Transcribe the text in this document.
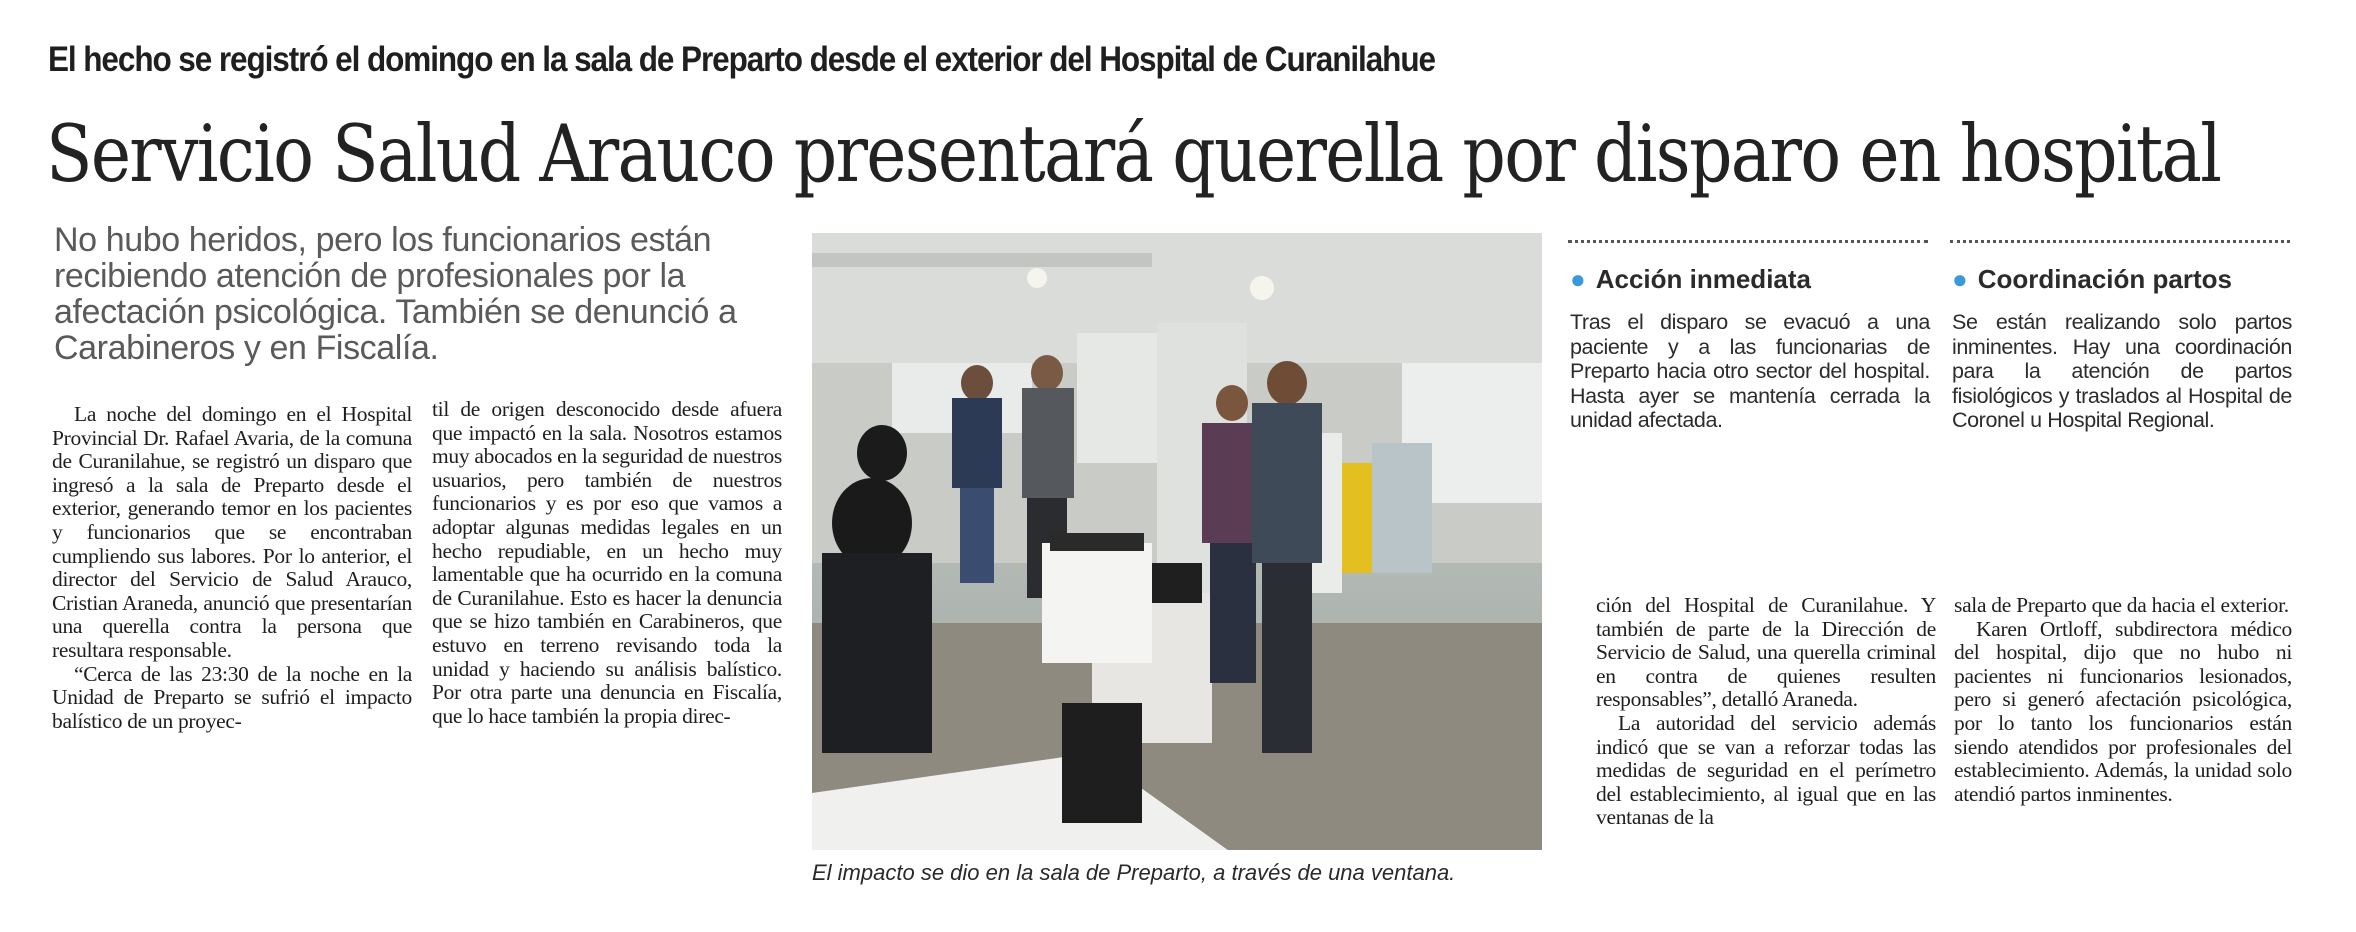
El hecho se registró el domingo en la sala de Preparto desde el exterior del Hospital de Curanilahue
Servicio Salud Arauco presentará querella por disparo en hospital
No hubo heridos, pero los funcionarios están recibiendo atención de profesionales por la afectación psicológica. También se denunció a Carabineros y en Fiscalía.

La noche del domingo en el Hospital Provincial Dr. Rafael Avaria, de la comuna de Curanilahue, se registró un disparo que ingresó a la sala de Preparto desde el exterior, generando temor en los pacientes y funcionarios que se encontraban cumpliendo sus labores. Por lo anterior, el director del Servicio de Salud Arauco, Cristian Araneda, anunció que presentarían una querella contra la persona que resultara responsable.

“Cerca de las 23:30 de la noche en la Unidad de Preparto se sufrió el impacto balístico de un proyec-

til de origen desconocido desde afuera que impactó en la sala. Nosotros estamos muy abocados en la seguridad de nuestros usuarios, pero también de nuestros funcionarios y es por eso que vamos a adoptar algunas medidas legales en un hecho repudiable, en un hecho muy lamentable que ha ocurrido en la comuna de Curanilahue. Esto es hacer la denuncia que se hizo también en Carabineros, que estuvo en terreno revisando toda la unidad y haciendo su análisis balístico. Por otra parte una denuncia en Fiscalía, que lo hace también la propia direc-

El impacto se dio en la sala de Preparto, a través de una ventana.
● Acción inmediata
Tras el disparo se evacuó a una paciente y a las funcionarias de Preparto hacia otro sector del hospital. Hasta ayer se mantenía cerrada la unidad afectada.
● Coordinación partos
Se están realizando solo partos inminentes. Hay una coordinación para la atención de partos fisiológicos y traslados al Hospital de Coronel u Hospital Regional.

ción del Hospital de Curanilahue. Y también de parte de la Dirección de Servicio de Salud, una querella criminal en contra de quienes resulten responsables”, detalló Araneda.

La autoridad del servicio además indicó que se van a reforzar todas las medidas de seguridad en el perímetro del establecimiento, al igual que en las ventanas de la

sala de Preparto que da hacia el exterior.

Karen Ortloff, subdirectora médico del hospital, dijo que no hubo ni pacientes ni funcionarios lesionados, pero si generó afectación psicológica, por lo tanto los funcionarios están siendo atendidos por profesionales del establecimiento. Además, la unidad solo atendió partos inminentes.
